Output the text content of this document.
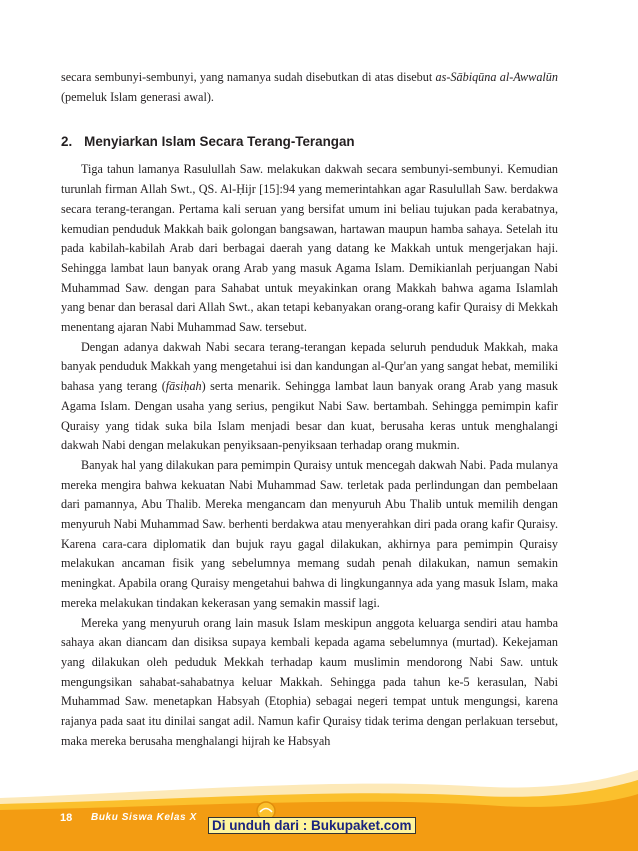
secara sembunyi-sembunyi, yang namanya sudah disebutkan di atas disebut as-Sābiqūna al-Awwalūn (pemeluk Islam generasi awal).

2. Menyiarkan Islam Secara Terang-Terangan

Tiga tahun lamanya Rasulullah Saw. melakukan dakwah secara sembunyi-sembunyi. Kemudian turunlah firman Allah Swt., QS. Al-Ḥijr [15]:94 yang memerintahkan agar Rasulullah Saw. berdakwa secara terang-terangan. Pertama kali seruan yang bersifat umum ini beliau tujukan pada kerabatnya, kemudian penduduk Makkah baik golongan bangsawan, hartawan maupun hamba sahaya. Setelah itu pada kabilah-kabilah Arab dari berbagai daerah yang datang ke Makkah untuk mengerjakan haji. Sehingga lambat laun banyak orang Arab yang masuk Agama Islam. Demikianlah perjuangan Nabi Muhammad Saw. dengan para Sahabat untuk meyakinkan orang Makkah bahwa agama Islamlah yang benar dan berasal dari Allah Swt., akan tetapi kebanyakan orang-orang kafir Quraisy di Mekkah menentang ajaran Nabi Muhammad Saw. tersebut.

Dengan adanya dakwah Nabi secara terang-terangan kepada seluruh penduduk Makkah, maka banyak penduduk Makkah yang mengetahui isi dan kandungan al-Qur'an yang sangat hebat, memiliki bahasa yang terang (fāsiḥah) serta menarik. Sehingga lambat laun banyak orang Arab yang masuk Agama Islam. Dengan usaha yang serius, pengikut Nabi Saw. bertambah. Sehingga pemimpin kafir Quraisy yang tidak suka bila Islam menjadi besar dan kuat, berusaha keras untuk menghalangi dakwah Nabi dengan melakukan penyiksaan-penyiksaan terhadap orang mukmin.

Banyak hal yang dilakukan para pemimpin Quraisy untuk mencegah dakwah Nabi. Pada mulanya mereka mengira bahwa kekuatan Nabi Muhammad Saw. terletak pada perlindungan dan pembelaan dari pamannya, Abu Thalib. Mereka mengancam dan menyuruh Abu Thalib untuk memilih dengan menyuruh Nabi Muhammad Saw. berhenti berdakwa atau menyerahkan diri pada orang kafir Quraisy. Karena cara-cara diplomatik dan bujuk rayu gagal dilakukan, akhirnya para pemimpin Quraisy melakukan ancaman fisik yang sebelumnya memang sudah penah dilakukan, namun semakin meningkat. Apabila orang Quraisy mengetahui bahwa di lingkungannya ada yang masuk Islam, maka mereka melakukan tindakan kekerasan yang semakin massif lagi.

Mereka yang menyuruh orang lain masuk Islam meskipun anggota keluarga sendiri atau hamba sahaya akan diancam dan disiksa supaya kembali kepada agama sebelumnya (murtad). Kekejaman yang dilakukan oleh peduduk Mekkah terhadap kaum muslimin mendorong Nabi Saw. untuk mengungsikan sahabat-sahabatnya keluar Makkah. Sehingga pada tahun ke-5 kerasulan, Nabi Muhammad Saw. menetapkan Habsyah (Etophia) sebagai negeri tempat untuk mengungsi, karena rajanya pada saat itu dinilai sangat adil. Namun kafir Quraisy tidak terima dengan perlakuan tersebut, maka mereka berusaha menghalangi hijrah ke Habsyah

18 Buku Siswa Kelas X
Di unduh dari : Bukupaket.com
